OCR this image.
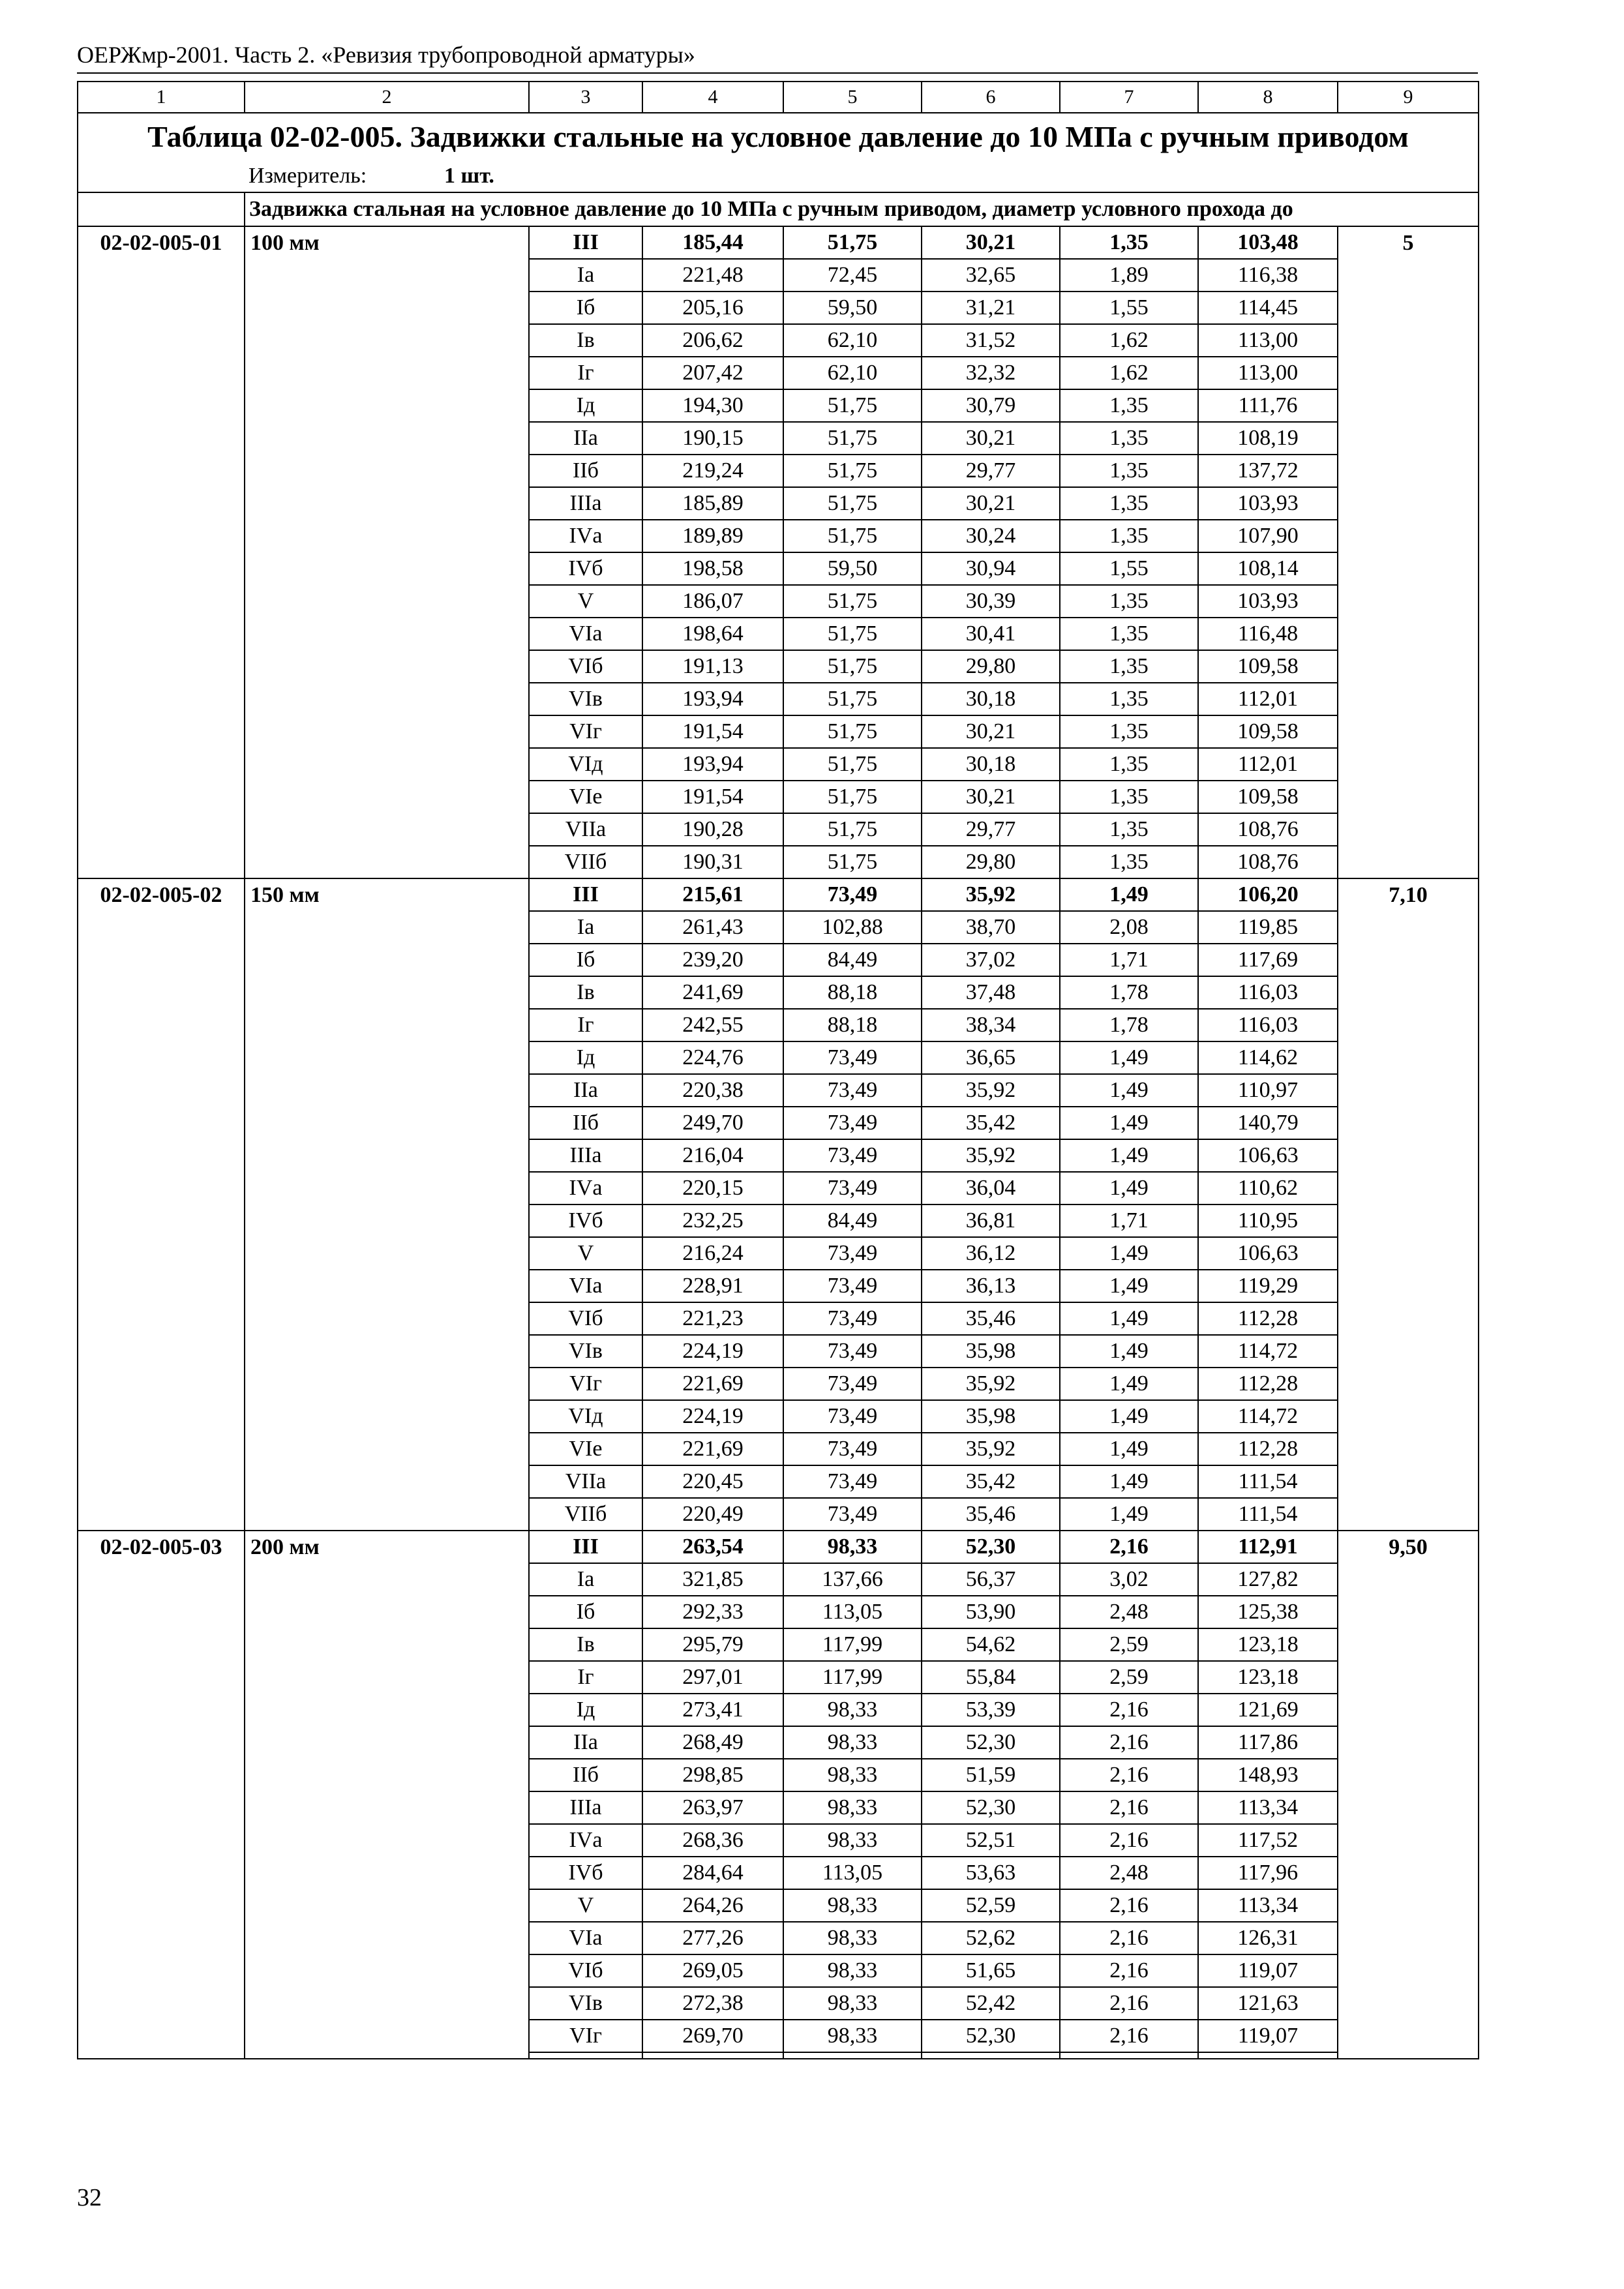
ОЕРЖмр-2001. Часть 2. «Ревизия трубопроводной арматуры»
1	2	3	4	5	6	7	8	9
Таблица 02-02-005. Задвижки стальные на условное давление до 10 МПа с ручным приводом								
	Измеритель: 1 шт.							
	Задвижка стальная на условное давление до 10 МПа с ручным приводом, диаметр условного прохода до							
02-02-005-01	100 мм	III	185,44	51,75	30,21	1,35	103,48	5
		Iа	221,48	72,45	32,65	1,89	116,38	
		Iб	205,16	59,50	31,21	1,55	114,45	
		Iв	206,62	62,10	31,52	1,62	113,00	
		Iг	207,42	62,10	32,32	1,62	113,00	
		Iд	194,30	51,75	30,79	1,35	111,76	
		IIа	190,15	51,75	30,21	1,35	108,19	
		IIб	219,24	51,75	29,77	1,35	137,72	
		IIIа	185,89	51,75	30,21	1,35	103,93	
		IVа	189,89	51,75	30,24	1,35	107,90	
		IVб	198,58	59,50	30,94	1,55	108,14	
		V	186,07	51,75	30,39	1,35	103,93	
		VIа	198,64	51,75	30,41	1,35	116,48	
		VIб	191,13	51,75	29,80	1,35	109,58	
		VIв	193,94	51,75	30,18	1,35	112,01	
		VIг	191,54	51,75	30,21	1,35	109,58	
		VIд	193,94	51,75	30,18	1,35	112,01	
		VIе	191,54	51,75	30,21	1,35	109,58	
		VIIа	190,28	51,75	29,77	1,35	108,76	
		VIIб	190,31	51,75	29,80	1,35	108,76	
02-02-005-02	150 мм	III	215,61	73,49	35,92	1,49	106,20	7,10
		Iа	261,43	102,88	38,70	2,08	119,85	
		Iб	239,20	84,49	37,02	1,71	117,69	
		Iв	241,69	88,18	37,48	1,78	116,03	
		Iг	242,55	88,18	38,34	1,78	116,03	
		Iд	224,76	73,49	36,65	1,49	114,62	
		IIа	220,38	73,49	35,92	1,49	110,97	
		IIб	249,70	73,49	35,42	1,49	140,79	
		IIIа	216,04	73,49	35,92	1,49	106,63	
		IVа	220,15	73,49	36,04	1,49	110,62	
		IVб	232,25	84,49	36,81	1,71	110,95	
		V	216,24	73,49	36,12	1,49	106,63	
		VIа	228,91	73,49	36,13	1,49	119,29	
		VIб	221,23	73,49	35,46	1,49	112,28	
		VIв	224,19	73,49	35,98	1,49	114,72	
		VIг	221,69	73,49	35,92	1,49	112,28	
		VIд	224,19	73,49	35,98	1,49	114,72	
		VIе	221,69	73,49	35,92	1,49	112,28	
		VIIа	220,45	73,49	35,42	1,49	111,54	
		VIIб	220,49	73,49	35,46	1,49	111,54	
02-02-005-03	200 мм	III	263,54	98,33	52,30	2,16	112,91	9,50
		Iа	321,85	137,66	56,37	3,02	127,82	
		Iб	292,33	113,05	53,90	2,48	125,38	
		Iв	295,79	117,99	54,62	2,59	123,18	
		Iг	297,01	117,99	55,84	2,59	123,18	
		Iд	273,41	98,33	53,39	2,16	121,69	
		IIа	268,49	98,33	52,30	2,16	117,86	
		IIб	298,85	98,33	51,59	2,16	148,93	
		IIIа	263,97	98,33	52,30	2,16	113,34	
		IVа	268,36	98,33	52,51	2,16	117,52	
		IVб	284,64	113,05	53,63	2,48	117,96	
		V	264,26	98,33	52,59	2,16	113,34	
		VIа	277,26	98,33	52,62	2,16	126,31	
		VIб	269,05	98,33	51,65	2,16	119,07	
		VIв	272,38	98,33	52,42	2,16	121,63	
		VIг	269,70	98,33	52,30	2,16	119,07	

32
